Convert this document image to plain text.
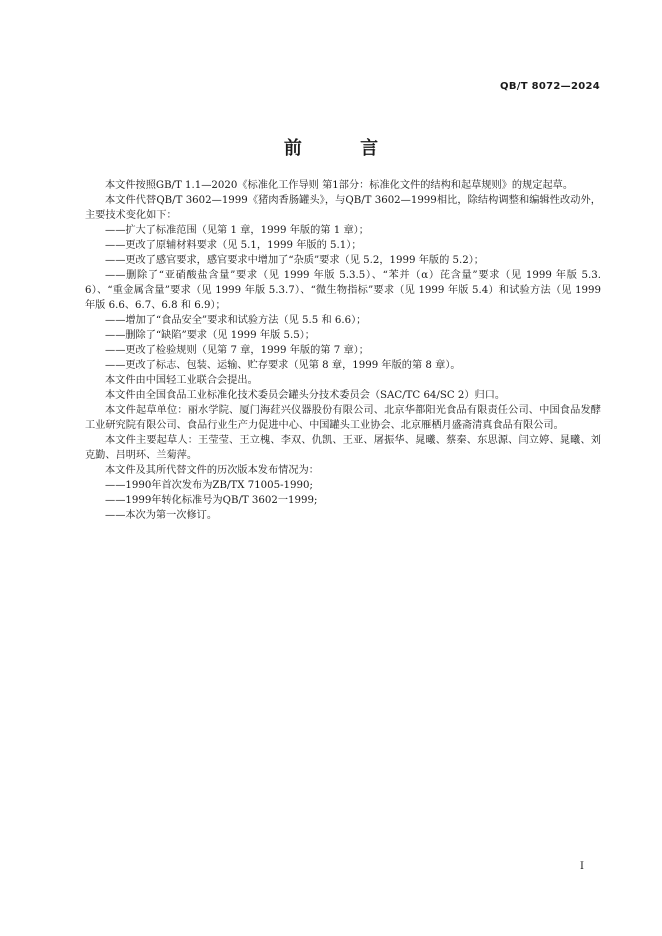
QB/T 8072—2024
前 言

本文件按照GB/T 1.1—2020《标准化工作导则 第1部分：标准化文件的结构和起草规则》的规定起草。

本文件代替QB/T 3602—1999《猪肉香肠罐头》，与QB/T 3602—1999相比，除结构调整和编辑性改动外，主要技术变化如下：

——扩大了标准范围（见第 1 章，1999 年版的第 1 章）；

——更改了原辅材料要求（见 5.1，1999 年版的 5.1）；

——更改了感官要求，感官要求中增加了“杂质”要求（见 5.2，1999 年版的 5.2）；

——删除了“亚硝酸盐含量”要求（见 1999 年版 5.3.5）、“苯并（α）芘含量”要求（见 1999 年版 5.3.6）、“重金属含量”要求（见 1999 年版 5.3.7）、“微生物指标”要求（见 1999 年版 5.4）和试验方法（见 1999 年版 6.6、6.7、6.8 和 6.9）；

——增加了“食品安全”要求和试验方法（见 5.5 和 6.6）；

——删除了“缺陷”要求（见 1999 年版 5.5）；

——更改了检验规则（见第 7 章，1999 年版的第 7 章）；

——更改了标志、包装、运输、贮存要求（见第 8 章，1999 年版的第 8 章）。

本文件由中国轻工业联合会提出。

本文件由全国食品工业标准化技术委员会罐头分技术委员会（SAC/TC 64/SC 2）归口。

本文件起草单位：丽水学院、厦门海荭兴仪器股份有限公司、北京华都阳光食品有限责任公司、中国食品发酵工业研究院有限公司、食品行业生产力促进中心、中国罐头工业协会、北京雁栖月盛斋清真食品有限公司。

本文件主要起草人：王莹莹、王立槐、李双、仇凯、王亚、屠振华、晁曦、蔡秦、东思源、闫立婷、晁曦、刘克勤、吕明环、兰菊萍。

本文件及其所代替文件的历次版本发布情况为：

——1990年首次发布为ZB/TX 71005-1990;

——1999年转化标准号为QB/T 3602一1999;

——本次为第一次修订。

I
